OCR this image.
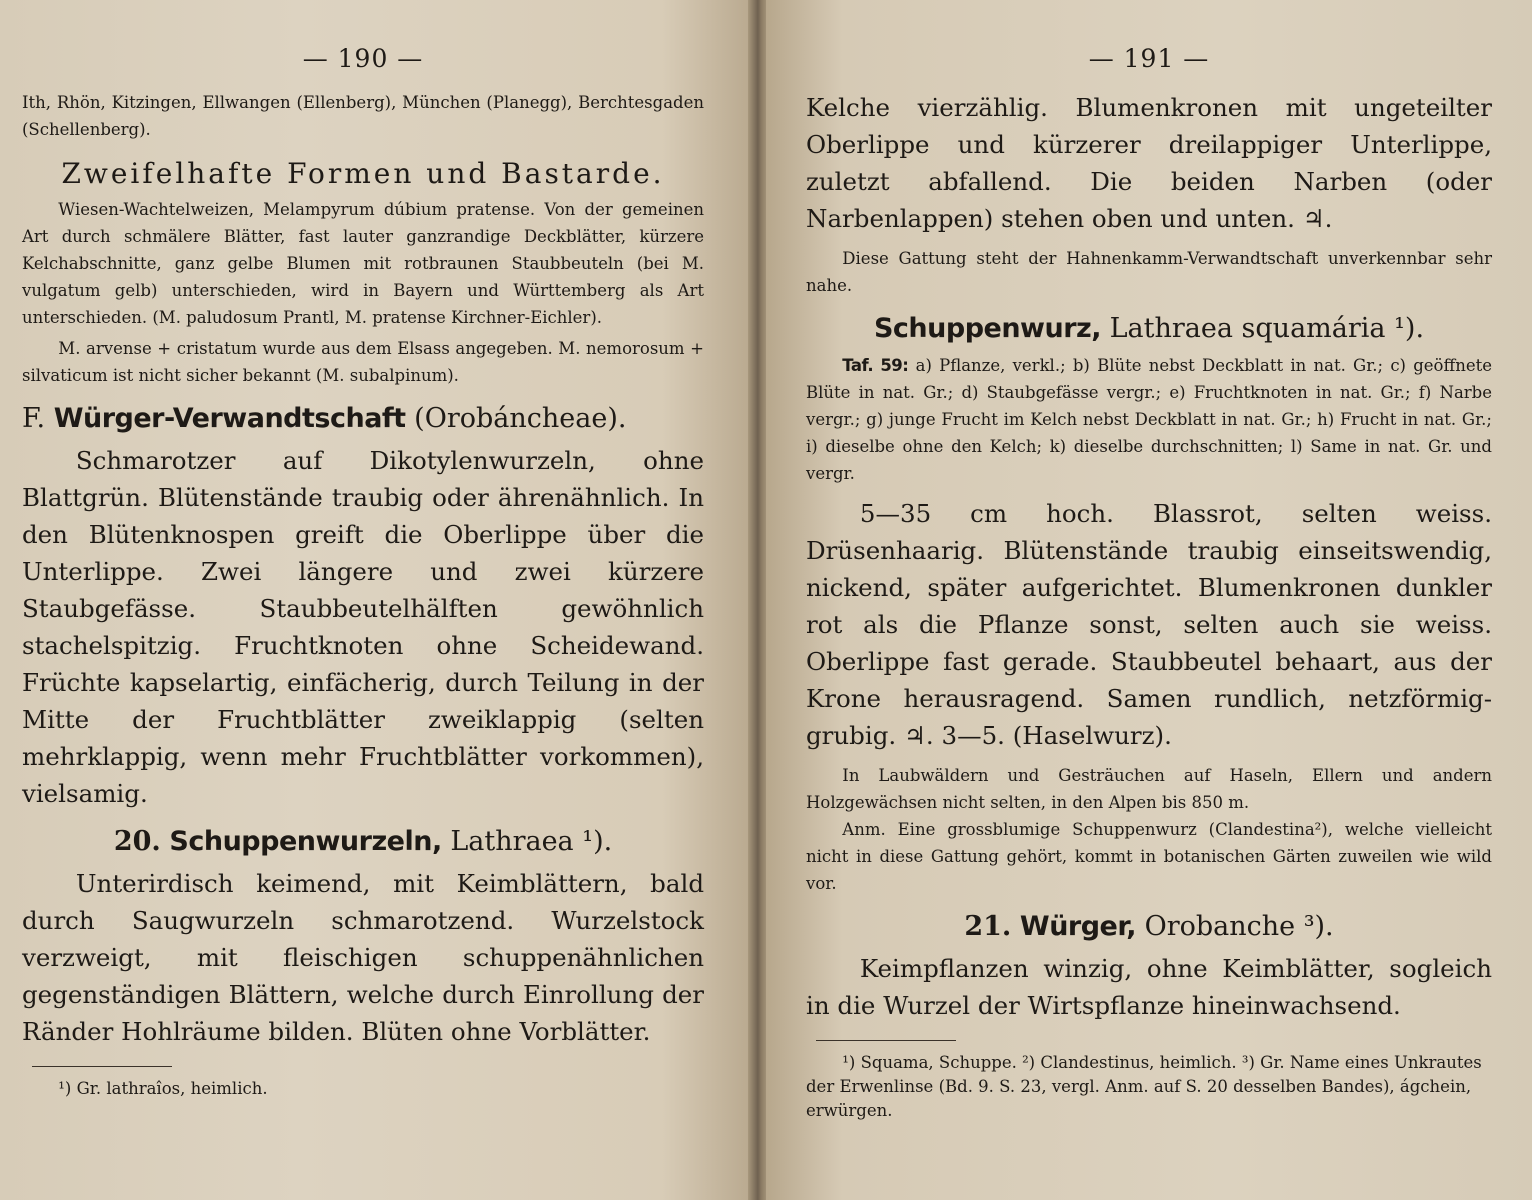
— 190 —

Ith, Rhön, Kitzingen, Ellwangen (Ellenberg), München (Planegg), Berchtesgaden (Schellenberg).

Zweifelhafte Formen und Bastarde.

Wiesen-Wachtelweizen, Melampyrum dúbium pratense. Von der gemeinen Art durch schmälere Blätter, fast lauter ganzrandige Deckblätter, kürzere Kelchabschnitte, ganz gelbe Blumen mit rotbraunen Staubbeuteln (bei M. vulgatum gelb) unterschieden, wird in Bayern und Württemberg als Art unterschieden. (M. paludosum Prantl, M. pratense Kirchner-Eichler).

M. arvense + cristatum wurde aus dem Elsass angegeben. M. nemorosum + silvaticum ist nicht sicher bekannt (M. subalpinum).

F. Würger-Verwandtschaft (Orobáncheae).

Schmarotzer auf Dikotylenwurzeln, ohne Blattgrün. Blütenstände traubig oder ährenähnlich. In den Blütenknospen greift die Oberlippe über die Unterlippe. Zwei längere und zwei kürzere Staubgefässe. Staubbeutelhälften gewöhnlich stachelspitzig. Fruchtknoten ohne Scheidewand. Früchte kapselartig, einfächerig, durch Teilung in der Mitte der Fruchtblätter zweiklappig (selten mehrklappig, wenn mehr Fruchtblätter vorkommen), vielsamig.

20. Schuppenwurzeln, Lathraea ¹).

Unterirdisch keimend, mit Keimblättern, bald durch Saugwurzeln schmarotzend. Wurzelstock verzweigt, mit fleischigen schuppenähnlichen gegenständigen Blättern, welche durch Einrollung der Ränder Hohlräume bilden. Blüten ohne Vorblätter.

¹) Gr. lathraîos, heimlich.

— 191 —

Kelche vierzählig. Blumenkronen mit ungeteilter Oberlippe und kürzerer dreilappiger Unterlippe, zuletzt abfallend. Die beiden Narben (oder Narbenlappen) stehen oben und unten. ♃.

Diese Gattung steht der Hahnenkamm-Verwandtschaft unverkennbar sehr nahe.

Schuppenwurz, Lathraea squamária ¹).

Taf. 59: a) Pflanze, verkl.; b) Blüte nebst Deckblatt in nat. Gr.; c) geöffnete Blüte in nat. Gr.; d) Staubgefässe vergr.; e) Fruchtknoten in nat. Gr.; f) Narbe vergr.; g) junge Frucht im Kelch nebst Deckblatt in nat. Gr.; h) Frucht in nat. Gr.; i) dieselbe ohne den Kelch; k) dieselbe durchschnitten; l) Same in nat. Gr. und vergr.

5—35 cm hoch. Blassrot, selten weiss. Drüsenhaarig. Blütenstände traubig einseitswendig, nickend, später aufgerichtet. Blumenkronen dunkler rot als die Pflanze sonst, selten auch sie weiss. Oberlippe fast gerade. Staubbeutel behaart, aus der Krone herausragend. Samen rundlich, netzförmig-grubig. ♃. 3—5. (Haselwurz).

In Laubwäldern und Gesträuchen auf Haseln, Ellern und andern Holzgewächsen nicht selten, in den Alpen bis 850 m.

Anm. Eine grossblumige Schuppenwurz (Clandestina²), welche vielleicht nicht in diese Gattung gehört, kommt in botanischen Gärten zuweilen wie wild vor.

21. Würger, Orobanche ³).

Keimpflanzen winzig, ohne Keimblätter, sogleich in die Wurzel der Wirtspflanze hineinwachsend.

¹) Squama, Schuppe. ²) Clandestinus, heimlich. ³) Gr. Name eines Unkrautes der Erwenlinse (Bd. 9. S. 23, vergl. Anm. auf S. 20 desselben Bandes), ágchein, erwürgen.
